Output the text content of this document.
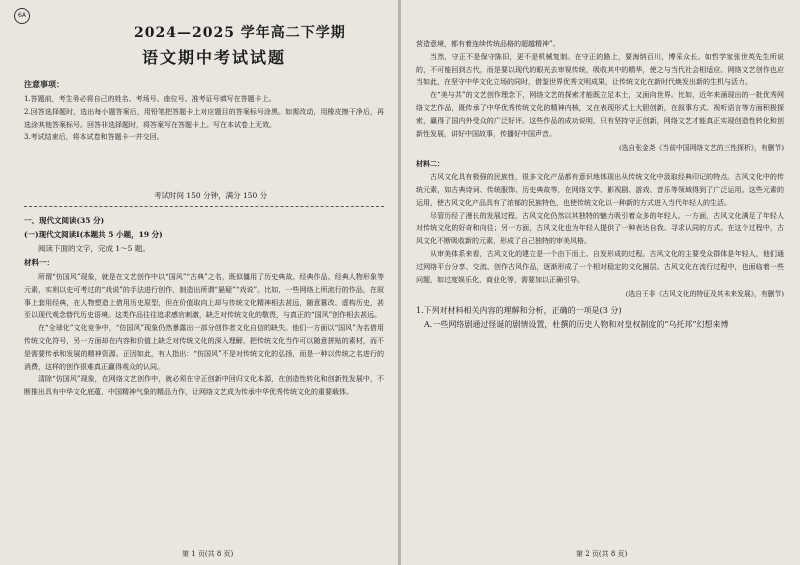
6A
2024—2025 学年高二下学期
语文期中考试试题
注意事项：

1.答题前，考生务必将自己的姓名、考场号、座位号、准考证号填写在答题卡上。

2.回答选择题时，选出每小题答案后，用铅笔把答题卡上对应题目的答案标号涂黑。如需改动，用橡皮擦干净后，再选涂其他答案标号。回答非选择题时，将答案写在答题卡上。写在本试卷上无效。

3.考试结束后，将本试卷和答题卡一并交回。

考试时间 150 分钟，满分 150 分
一、现代文阅读(35 分)
(一)现代文阅读Ⅰ(本题共 5 小题，19 分)
阅读下面的文字，完成 1～5 题。
材料一：

所谓“仿国风”现象，就是在文艺创作中以“国风”“古典”之名，既似僵用了历史典故、经典作品、经典人物形象等元素，实则以史可考过的“戏说”的手法进行创作，制造出所谓“悬疑”“戏说”。比如，一些网络上所流行的作品，在叙事上套用经典，在人物塑造上借用历史原型，但在价值取向上却与传统文化精神相去甚远，随意篡改、虚构历史，甚至以现代观念替代历史语境。这类作品往往追求感官刺激，缺乏对传统文化的敬畏，与真正的“国风”创作相去甚远。

在“全球化”文化竞争中，“仿国风”现象仍然暴露出一部分创作者文化自信的缺失。他们一方面以“国风”为名借用传统文化符号，另一方面却在内容和价值上缺乏对传统文化的深入理解，把传统文化当作可以随意拼贴的素材，而不是需要传承和发展的精神资源。正因如此，有人指出：“仿国风”不是对传统文化的弘扬，而是一种以传统之名进行的消费，这样的创作很难真正赢得观众的认同。

清除“仿国风”现象，在网络文艺创作中，就必须在守正创新中回归文化本源，在创造性转化和创新性发展中，不断推出具有中华文化底蕴、中国精神气象的精品力作，让网络文艺成为传承中华优秀传统文化的重要载体。

第 1 页(共 8 页)

营造意境，都有着连续传统品格的超越精神”。

当然，守正不是保守陈旧，更不是机械复制。在守正的路上，要海纳百川，博采众长。如哲学家张世英先生所说的，不可能回到古代，而是要以现代的眼光去审视传统，吸收其中的精华，使之与当代社会相适应。网络文艺创作也应当如此，在坚守中华文化立场的同时，借鉴世界优秀文明成果，让传统文化在新时代焕发出新的生机与活力。

在“美与共”的文艺创作理念下，网络文艺的探索才能既立足本土，又面向世界。比如，近年来涌现出的一批优秀网络文艺作品，既传承了中华优秀传统文化的精神内核，又在表现形式上大胆创新，在叙事方式、视听语言等方面积极探索，赢得了国内外受众的广泛好评。这些作品的成功说明，只有坚持守正创新，网络文艺才能真正实现创造性转化和创新性发展，讲好中国故事，传播好中国声音。

(选自张金尧《当前中国网络文艺的三性探析》，有删节)

材料二：

古风文化具有极强的民族性，很多文化产品都有意识地体现出从传统文化中汲取经典印记的特点。古风文化中的传统元素，如古典诗词、传统服饰、历史典故等，在网络文学、影视剧、游戏、音乐等领域得到了广泛运用。这些元素的运用，使古风文化产品具有了浓郁的民族特色，也使传统文化以一种新的方式进入当代年轻人的生活。

尽管历经了漫长的发展过程，古风文化仍然以其独特的魅力吸引着众多的年轻人。一方面，古风文化满足了年轻人对传统文化的好奇和向往；另一方面，古风文化也为年轻人提供了一种表达自我、寻求认同的方式。在这个过程中，古风文化不断吸收新的元素，形成了自己独特的审美风格。

从审美体系来看，古风文化的建立是一个由下而上、自发形成的过程。古风文化的主要受众群体是年轻人，他们通过网络平台分享、交流、创作古风作品，逐渐形成了一个相对稳定的文化圈层。古风文化在流行过程中，也面临着一些问题，如过度娱乐化、商业化等，需要加以正确引导。

(选自王非《古风文化的特征及其未来发展》，有删节)

1.下列对材料相关内容的理解和分析，正确的一项是(3 分)

A.一些网络剧通过怪诞的剧情设置，杜撰的历史人物和对皇权制度的“乌托邦”幻想来博

第 2 页(共 8 页)
